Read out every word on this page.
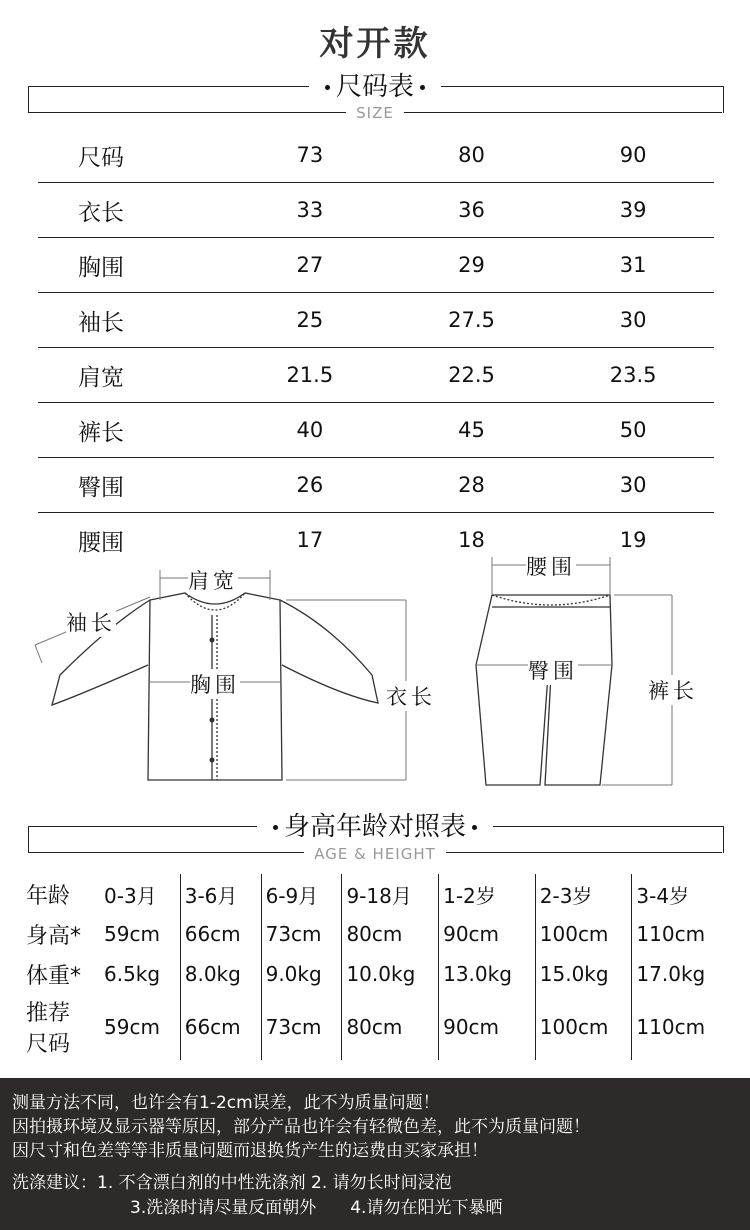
对开款
尺码表
SIZE
尺码	73	80	90
衣长	33	36	39
胸围	27	29	31
袖长	25	27.5	30
肩宽	21.5	22.5	23.5
裤长	40	45	50
臀围	26	28	30
腰围	17	18	19
肩宽
袖长
胸围	衣长
腰围
臀围
裤长
身高年龄对照表
AGE & HEIGHT
年龄	0-3月	3-6月	6-9月	9-18月	1-2岁	2-3岁	3-4岁
身高*	59cm	66cm	73cm	80cm	90cm	100cm	110cm
体重*	6.5kg	8.0kg	9.0kg	10.0kg	13.0kg	15.0kg	17.0kg

推荐
尺码	59cm	66cm	73cm	80cm	90cm	100cm	110cm
测量方法不同，也许会有1-2cm误差，此不为质量问题！
因拍摄环境及显示器等原因，部分产品也许会有轻微色差，此不为质量问题！
因尺寸和色差等等非质量问题而退换货产生的运费由买家承担！
洗涤建议：1. 不含漂白剂的中性洗涤剂 2. 请勿长时间浸泡
3.洗涤时请尽量反面朝外　　4.请勿在阳光下暴晒
